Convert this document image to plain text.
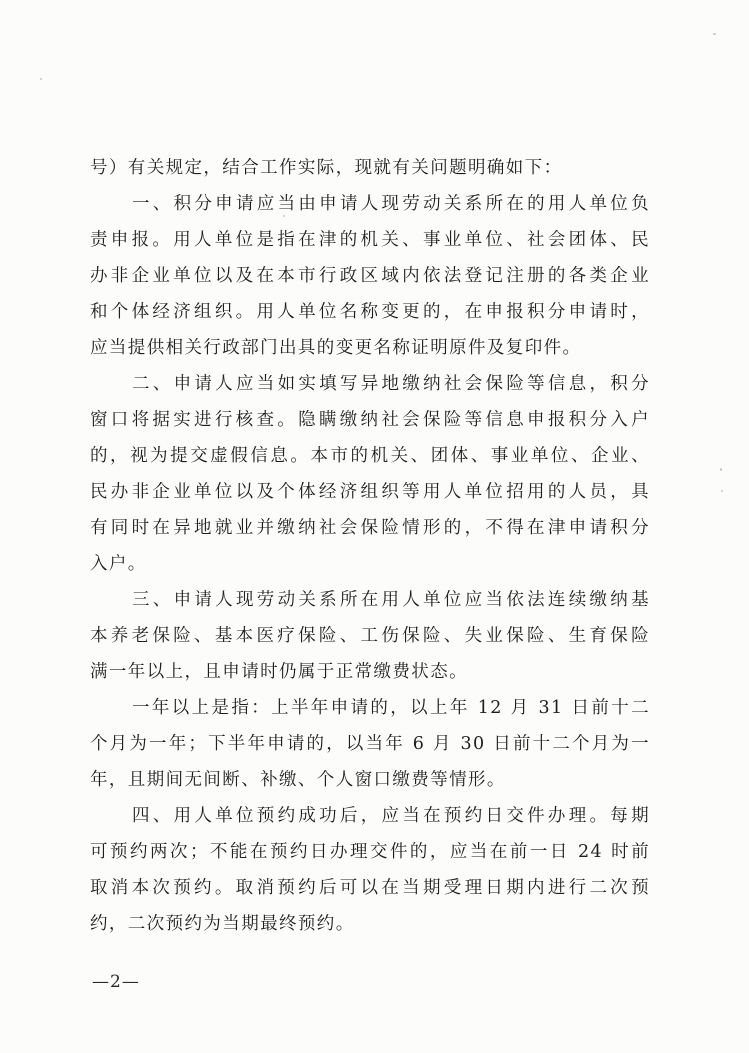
号）有关规定，结合工作实际，现就有关问题明确如下：
一、积分申请应当由申请人现劳动关系所在的用人单位负
责申报。用人单位是指在津的机关、事业单位、社会团体、民
办非企业单位以及在本市行政区域内依法登记注册的各类企业
和个体经济组织。用人单位名称变更的，在申报积分申请时，
应当提供相关行政部门出具的变更名称证明原件及复印件。
二、申请人应当如实填写异地缴纳社会保险等信息，积分
窗口将据实进行核查。隐瞒缴纳社会保险等信息申报积分入户
的，视为提交虚假信息。本市的机关、团体、事业单位、企业、
民办非企业单位以及个体经济组织等用人单位招用的人员，具
有同时在异地就业并缴纳社会保险情形的，不得在津申请积分
入户。
三、申请人现劳动关系所在用人单位应当依法连续缴纳基
本养老保险、基本医疗保险、工伤保险、失业保险、生育保险
满一年以上，且申请时仍属于正常缴费状态。
一年以上是指：上半年申请的，以上年 12 月 31 日前十二
个月为一年；下半年申请的，以当年 6 月 30 日前十二个月为一
年，且期间无间断、补缴、个人窗口缴费等情形。
四、用人单位预约成功后，应当在预约日交件办理。每期
可预约两次；不能在预约日办理交件的，应当在前一日 24 时前
取消本次预约。取消预约后可以在当期受理日期内进行二次预
约，二次预约为当期最终预约。
—2—
